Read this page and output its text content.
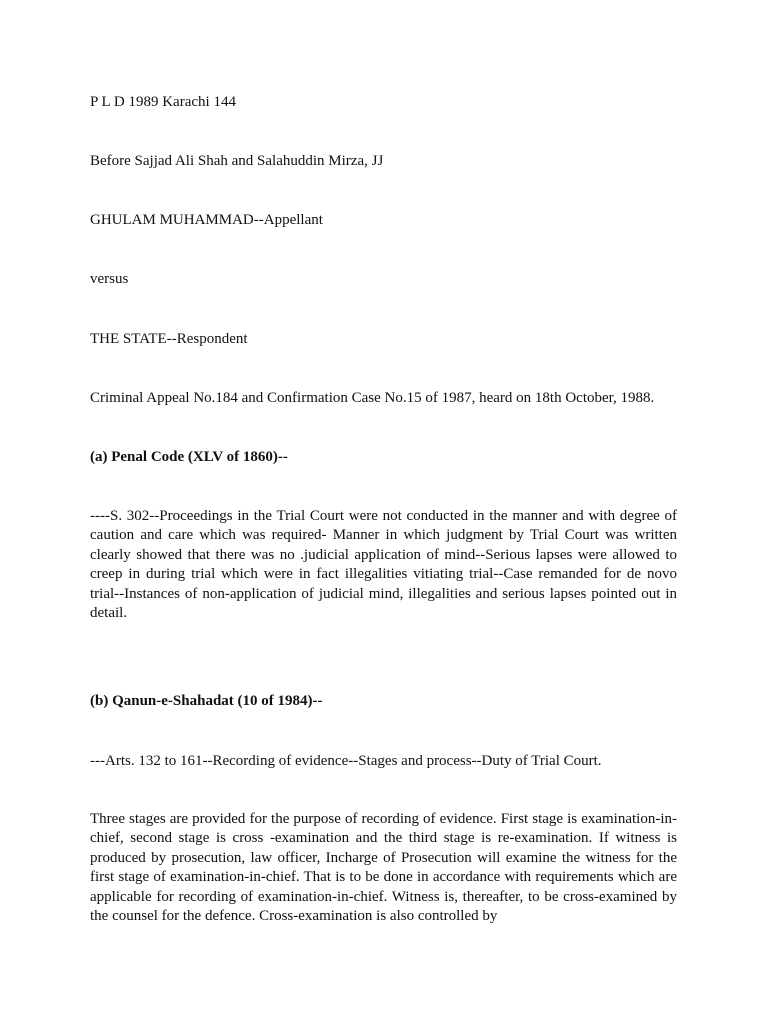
P L D 1989 Karachi 144

Before Sajjad Ali Shah and Salahuddin Mirza, JJ

GHULAM MUHAMMAD--Appellant

versus

THE STATE--Respondent

Criminal Appeal No.184 and Confirmation Case No.15 of 1987, heard on 18th October, 1988.

(a) Penal Code (XLV of 1860)--

----S. 302--Proceedings in the Trial Court were not conducted in the manner and with degree of caution and care which was required- Manner in which judgment by Trial Court was written clearly showed that there was no .judicial application of mind--Serious lapses were allowed to creep in during trial which were in fact illegalities vitiating trial--Case remanded for de novo trial--Instances of non-application of judicial mind, illegalities and serious lapses pointed out in detail.

(b) Qanun-e-Shahadat (10 of 1984)--

---Arts. 132 to 161--Recording of evidence--Stages and process--Duty of Trial Court.

Three stages are provided for the purpose of recording of evidence. First stage is examination-in-chief, second stage is cross -examination and the third stage is re-examination. If witness is produced by prosecution, law officer, Incharge of Prosecution will examine the witness for the first stage of examination-in-chief. That is to be done in accordance with requirements which are applicable for recording of examination-in-chief. Witness is, thereafter, to be cross-examined by the counsel for the defence. Cross-examination is also controlled by
